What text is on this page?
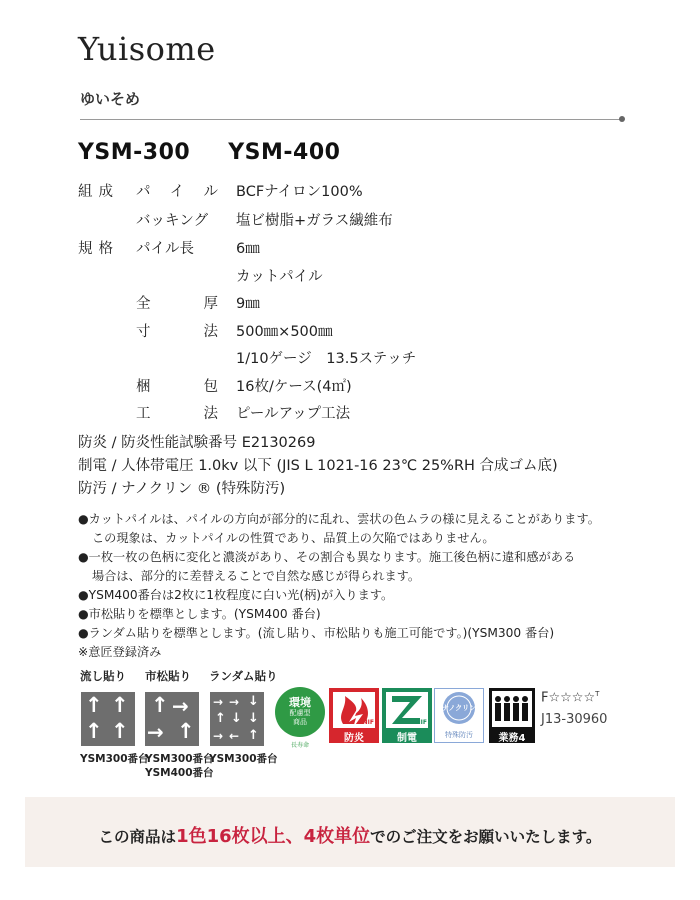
Yuisome
ゆいそめ
YSM-300 YSM-400
組成 パ イ ル BCFナイロン100%
バッキング 塩ビ樹脂+ガラス繊維布
規格 パイル長	6㎜
カットパイル
全	厚 9㎜
寸	法 500㎜×500㎜
1/10ゲージ　13.5ステッチ
梱	包 16枚/ケース(4㎡)
工	法 ピールアップ工法
防炎 / 防炎性能試験番号 E2130269
制電 / 人体帯電圧 1.0kv 以下 (JIS L 1021-16 23℃ 25%RH 合成ゴム底)
防汚 / ナノクリン ® (特殊防汚)
●カットパイルは、パイルの方向が部分的に乱れ、雲状の色ムラの様に見えることがあります。
この現象は、カットパイルの性質であり、品質上の欠陥ではありません。
●一枚一枚の色柄に変化と濃淡があり、その割合も異なります。施工後色柄に違和感がある
場合は、部分的に差替えることで自然な感じが得られます。
●YSM400番台は2枚に1枚程度に白い光(柄)が入ります。
●市松貼りを標準とします。(YSM400 番台)
●ランダム貼りを標準とします。(流し貼り、市松貼りも施工可能です。)(YSM300 番台)
※意匠登録済み
流し貼り
↑ ↑
↑ ↑
YSM300番台
市松貼り
↑ →
→ ↑
YSM300番台
YSM400番台
ランダム貼り
→ → ↓
↑ ↓ ↓
→ ← ↑
YSM300番台
環境
配慮型
商品
長寿命
NIF
防炎
NIF
制電
ナノクリン
特殊防汚	業務4
F☆☆☆☆$^T$
J13-30960
この商品は1色16枚以上、4枚単位でのご注文をお願いいたします。
